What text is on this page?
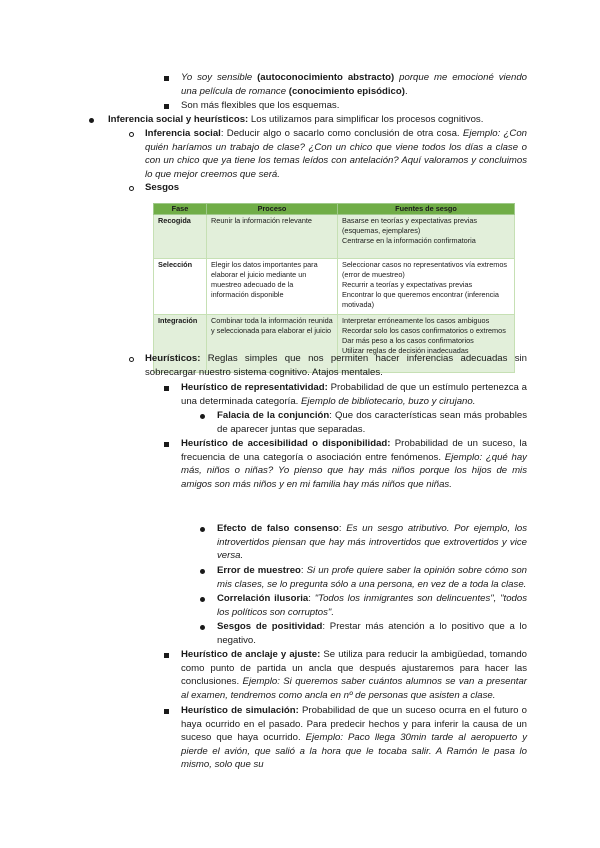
Yo soy sensible (autoconocimiento abstracto) porque me emocioné viendo una película de romance (conocimiento episódico).
Son más flexibles que los esquemas.
Inferencia social y heurísticos: Los utilizamos para simplificar los procesos cognitivos.
Inferencia social: Deducir algo o sacarlo como conclusión de otra cosa. Ejemplo: ¿Con quién haríamos un trabajo de clase? ¿Con un chico que viene todos los días a clase o con un chico que ya tiene los temas leídos con antelación? Aquí valoramos y concluimos lo que mejor creemos que será.
Sesgos
Fase	Proceso	Fuentes de sesgo
Recogida	Reunir la información relevante	Basarse en teorías y expectativas previas (esquemas, ejemplares)
Centrarse en la información confirmatoria

Selección	Elegir los datos importantes para elaborar el juicio mediante un muestreo adecuado de la información disponible	Seleccionar casos no representativos vía extremos (error de muestreo)
Recurrir a teorías y expectativas previas
Encontrar lo que queremos encontrar (inferencia motivada)

Integración	Combinar toda la información reunida y seleccionada para elaborar el juicio	Interpretar erróneamente los casos ambiguos
Recordar solo los casos confirmatorios o extremos
Dar más peso a los casos confirmatorios
Utilizar reglas de decisión inadecuadas
Heurísticos: Reglas simples que nos permiten hacer inferencias adecuadas sin sobrecargar nuestro sistema cognitivo. Atajos mentales.
Heurístico de representatividad: Probabilidad de que un estímulo pertenezca a una determinada categoría. Ejemplo de bibliotecario, buzo y cirujano.
Falacia de la conjunción: Que dos características sean más probables de aparecer juntas que separadas.
Heurístico de accesibilidad o disponibilidad: Probabilidad de un suceso, la frecuencia de una categoría o asociación entre fenómenos. Ejemplo: ¿qué hay más, niños o niñas? Yo pienso que hay más niños porque los hijos de mis amigos son más niños y en mi familia hay más niños que niñas.
Efecto de falso consenso: Es un sesgo atributivo. Por ejemplo, los introvertidos piensan que hay más introvertidos que extrovertidos y vice versa.
Error de muestreo: Si un profe quiere saber la opinión sobre cómo son mis clases, se lo pregunta sólo a una persona, en vez de a toda la clase.
Correlación ilusoria: "Todos los inmigrantes son delincuentes", "todos los políticos son corruptos".
Sesgos de positividad: Prestar más atención a lo positivo que a lo negativo.
Heurístico de anclaje y ajuste: Se utiliza para reducir la ambigüedad, tomando como punto de partida un ancla que después ajustaremos para hacer las conclusiones. Ejemplo: Si queremos saber cuántos alumnos se van a presentar al examen, tendremos como ancla en nº de personas que asisten a clase.
Heurístico de simulación: Probabilidad de que un suceso ocurra en el futuro o haya ocurrido en el pasado. Para predecir hechos y para inferir la causa de un suceso que haya ocurrido. Ejemplo: Paco llega 30min tarde al aeropuerto y pierde el avión, que salió a la hora que le tocaba salir. A Ramón le pasa lo mismo, solo que su
